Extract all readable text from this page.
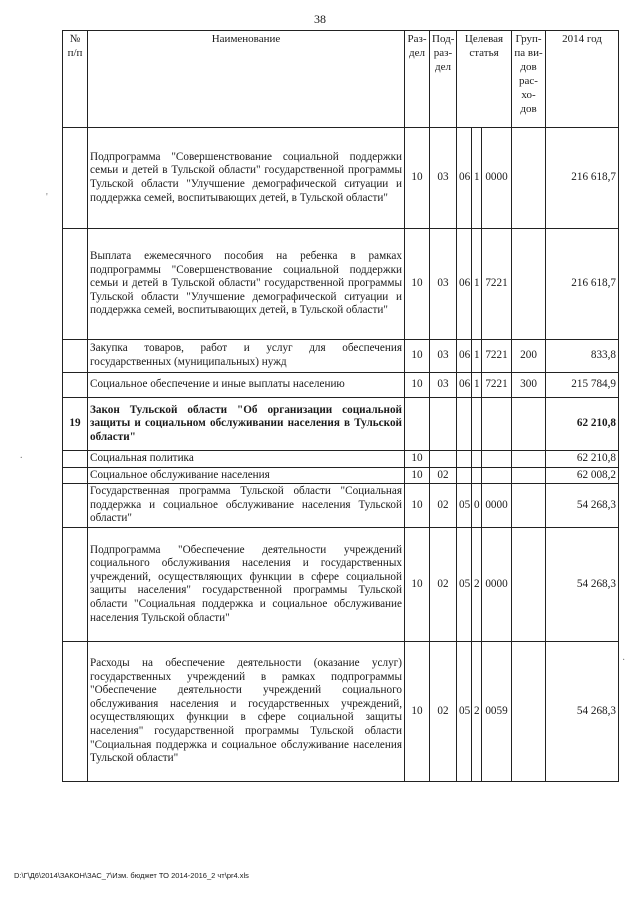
38
'
.
·
№ п/п	Наименование	Раз-дел	Под-раз-дел	Целевая статья			Груп-па ви-дов рас-хо-дов	2014 год
	Подпрограмма "Совершенствование социальной поддержки семьи и детей в Тульской области" государственной программы Тульской области "Улучшение демографической ситуации и поддержка семей, воспитывающих детей, в Тульской области"	10	03	06	1	0000		216 618,7
	Выплата ежемесячного пособия на ребенка в рамках подпрограммы "Совершенствование социальной поддержки семьи и детей в Тульской области" государственной программы Тульской области "Улучшение демографической ситуации и поддержка семей, воспитывающих детей, в Тульской области"	10	03	06	1	7221		216 618,7
	Закупка товаров, работ и услуг для обеспечения государственных (муниципальных) нужд	10	03	06	1	7221	200	833,8
	Социальное обеспечение и иные выплаты населению	10	03	06	1	7221	300	215 784,9
19	Закон Тульской области "Об организации социальной защиты и социальном обслуживании населения в Тульской области"							62 210,8
	Социальная политика	10						62 210,8
	Социальное обслуживание населения	10	02					62 008,2
	Государственная программа Тульской области "Социальная поддержка и социальное обслуживание населения Тульской области"	10	02	05	0	0000		54 268,3
	Подпрограмма "Обеспечение деятельности учреждений социального обслуживания населения и государственных учреждений, осуществляющих функции в сфере социальной защиты населения" государственной программы Тульской области "Социальная поддержка и социальное обслуживание населения Тульской области"	10	02	05	2	0000		54 268,3
	Расходы на обеспечение деятельности (оказание услуг) государственных учреждений в рамках подпрограммы "Обеспечение деятельности учреждений социального обслуживания населения и государственных учреждений, осуществляющих функции в сфере социальной защиты населения" государственной программы Тульской области "Социальная поддержка и социальное обслуживание населения Тульской области"	10	02	05	2	0059		54 268,3
D:\Г\Д6\2014\ЗАКОН\ЗАС_7\Изм. бюджет ТО 2014-2016_2 чт\pr4.xls
